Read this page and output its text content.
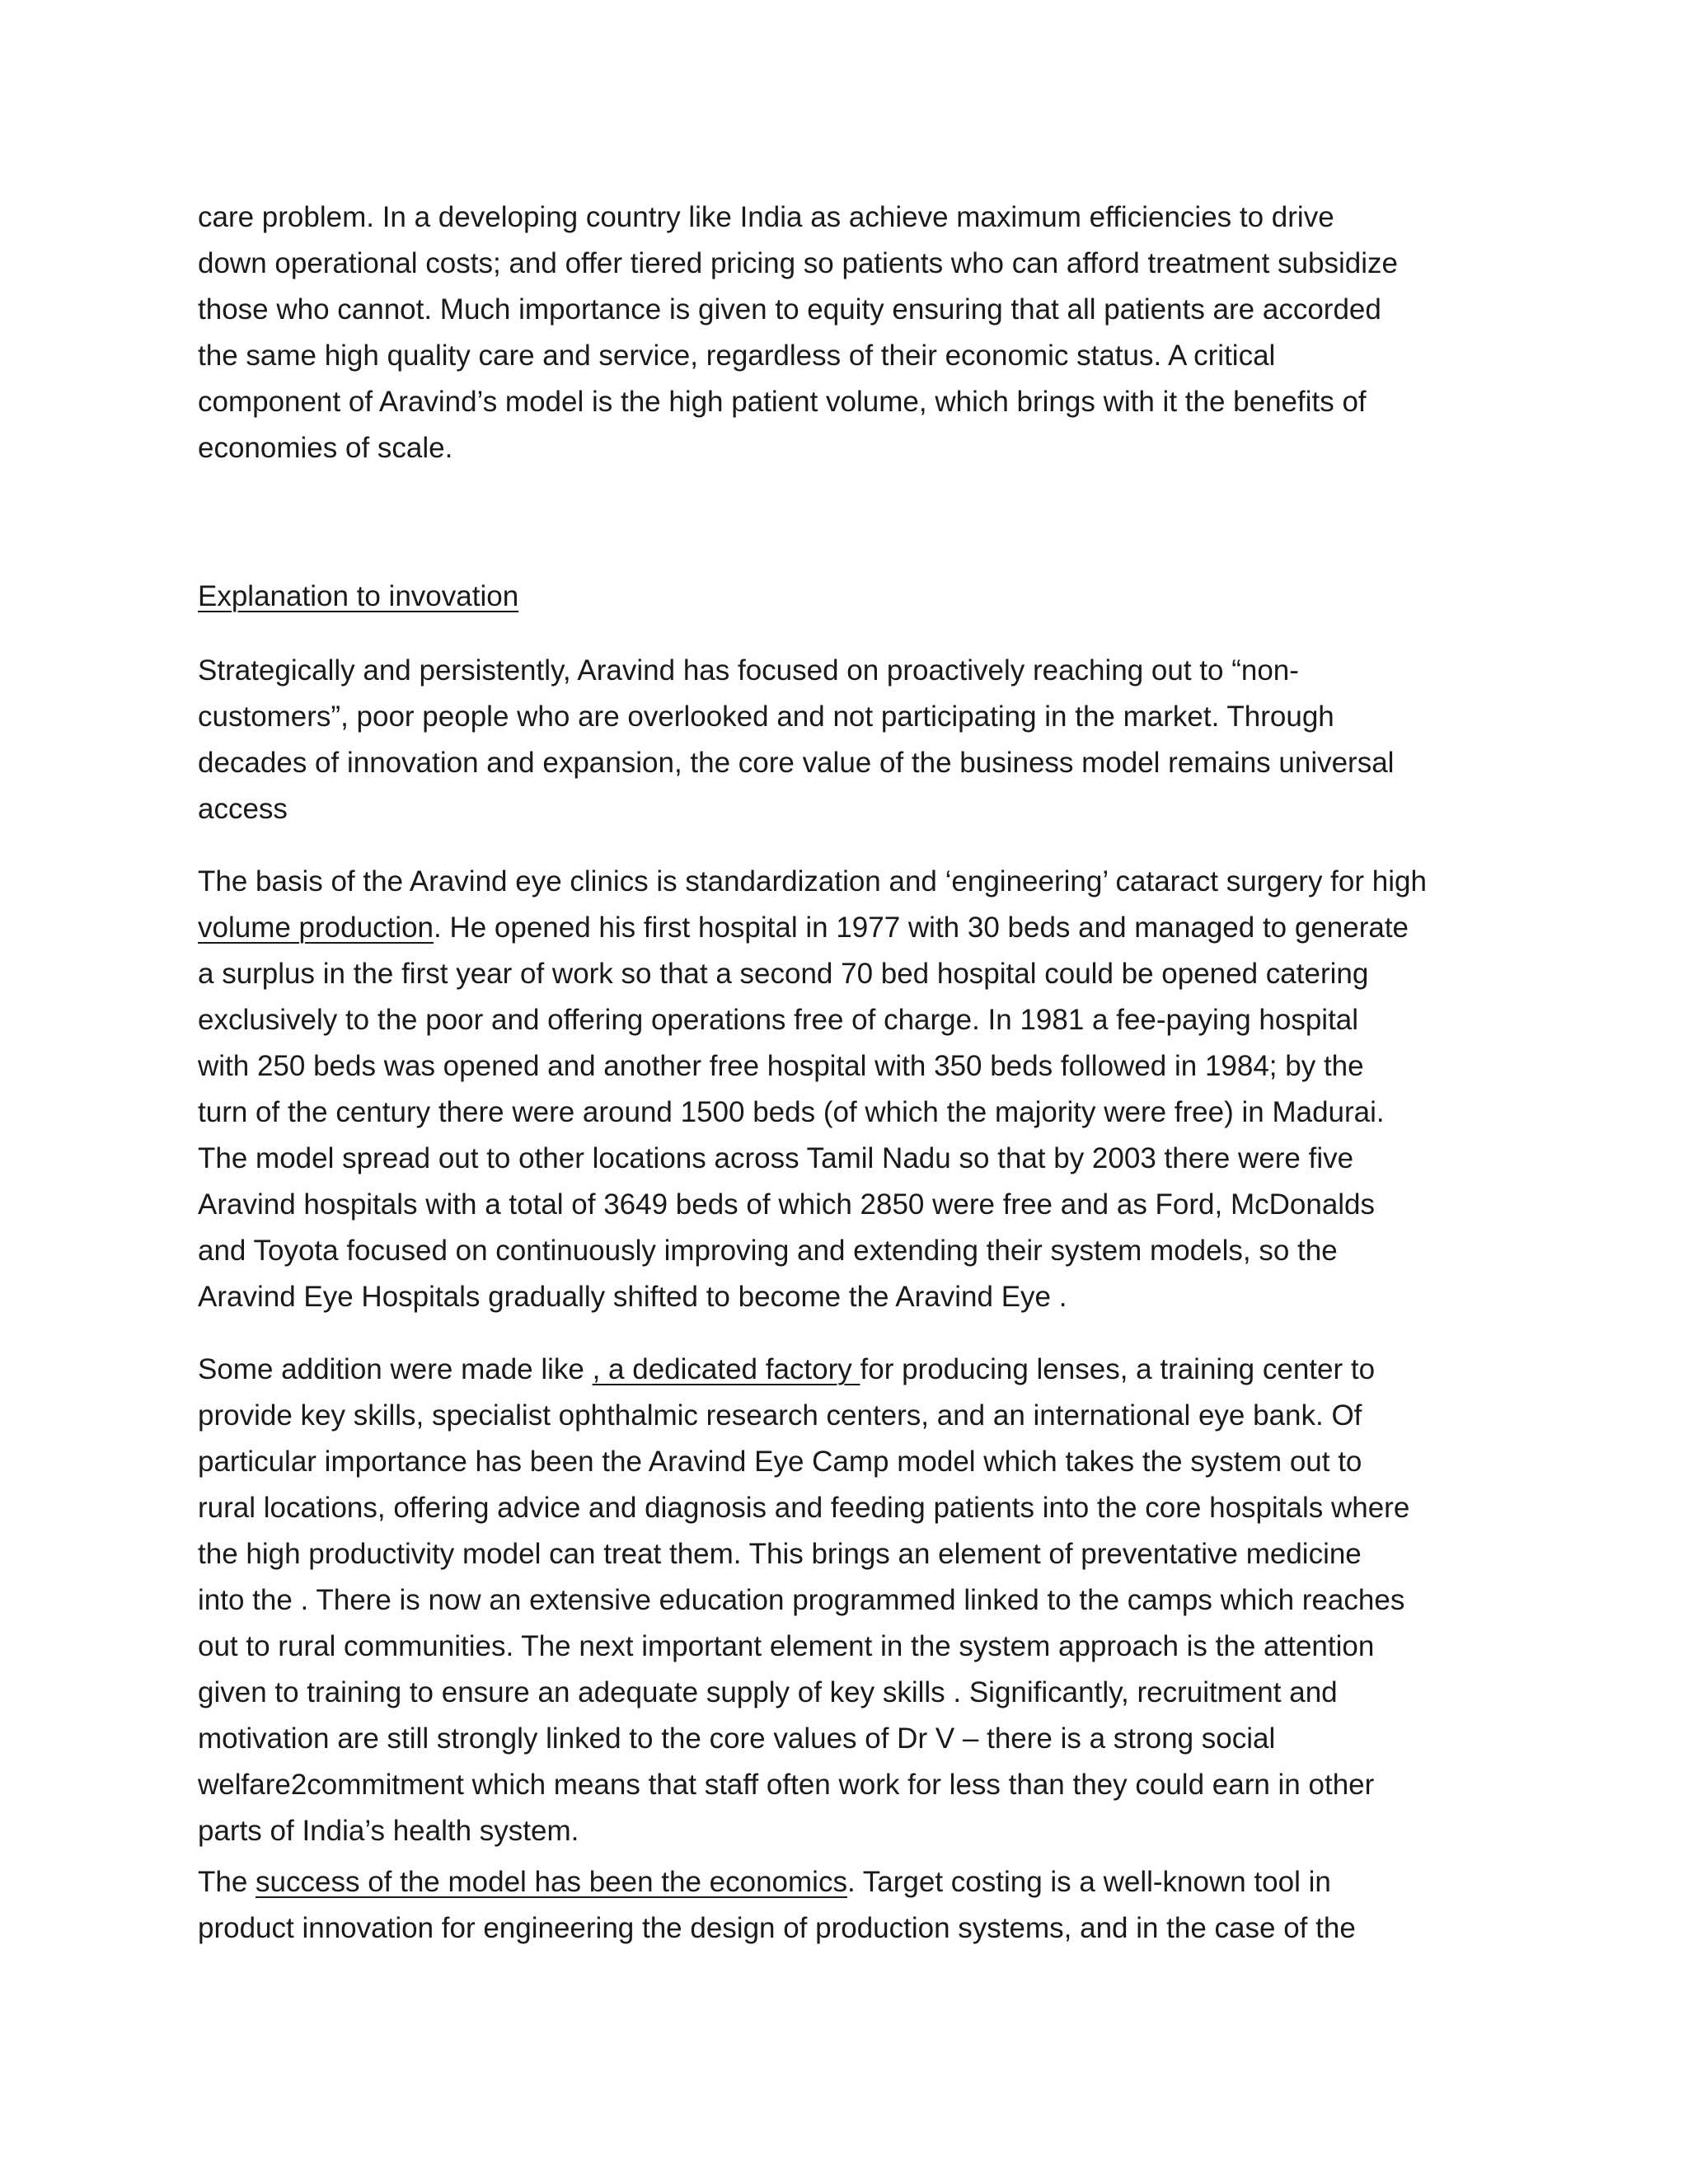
care problem. In a developing country like India as achieve maximum efficiencies to drive
down operational costs; and offer tiered pricing so patients who can afford treatment subsidize
those who cannot. Much importance is given to equity ensuring that all patients are accorded
the same high quality care and service, regardless of their economic status. A critical
component of Aravind’s model is the high patient volume, which brings with it the benefits of
economies of scale.

Explanation to invovation

Strategically and persistently, Aravind has focused on proactively reaching out to “non-
customers”, poor people who are overlooked and not participating in the market. Through
decades of innovation and expansion, the core value of the business model remains universal
access

The basis of the Aravind eye clinics is standardization and ‘engineering’ cataract surgery for high
volume production. He opened his first hospital in 1977 with 30 beds and managed to generate
a surplus in the first year of work so that a second 70 bed hospital could be opened catering
exclusively to the poor and offering operations free of charge. In 1981 a fee-paying hospital
with 250 beds was opened and another free hospital with 350 beds followed in 1984; by the
turn of the century there were around 1500 beds (of which the majority were free) in Madurai.
The model spread out to other locations across Tamil Nadu so that by 2003 there were five
Aravind hospitals with a total of 3649 beds of which 2850 were free and as Ford, McDonalds
and Toyota focused on continuously improving and extending their system models, so the
Aravind Eye Hospitals gradually shifted to become the Aravind Eye .

Some addition were made like , a dedicated factory for producing lenses, a training center to
provide key skills, specialist ophthalmic research centers, and an international eye bank. Of
particular importance has been the Aravind Eye Camp model which takes the system out to
rural locations, offering advice and diagnosis and feeding patients into the core hospitals where
the high productivity model can treat them. This brings an element of preventative medicine
into the . There is now an extensive education programmed linked to the camps which reaches
out to rural communities. The next important element in the system approach is the attention
given to training to ensure an adequate supply of key skills . Significantly, recruitment and
motivation are still strongly linked to the core values of Dr V – there is a strong social
welfare2commitment which means that staff often work for less than they could earn in other
parts of India’s health system.

The success of the model has been the economics. Target costing is a well-known tool in
product innovation for engineering the design of production systems, and in the case of the
